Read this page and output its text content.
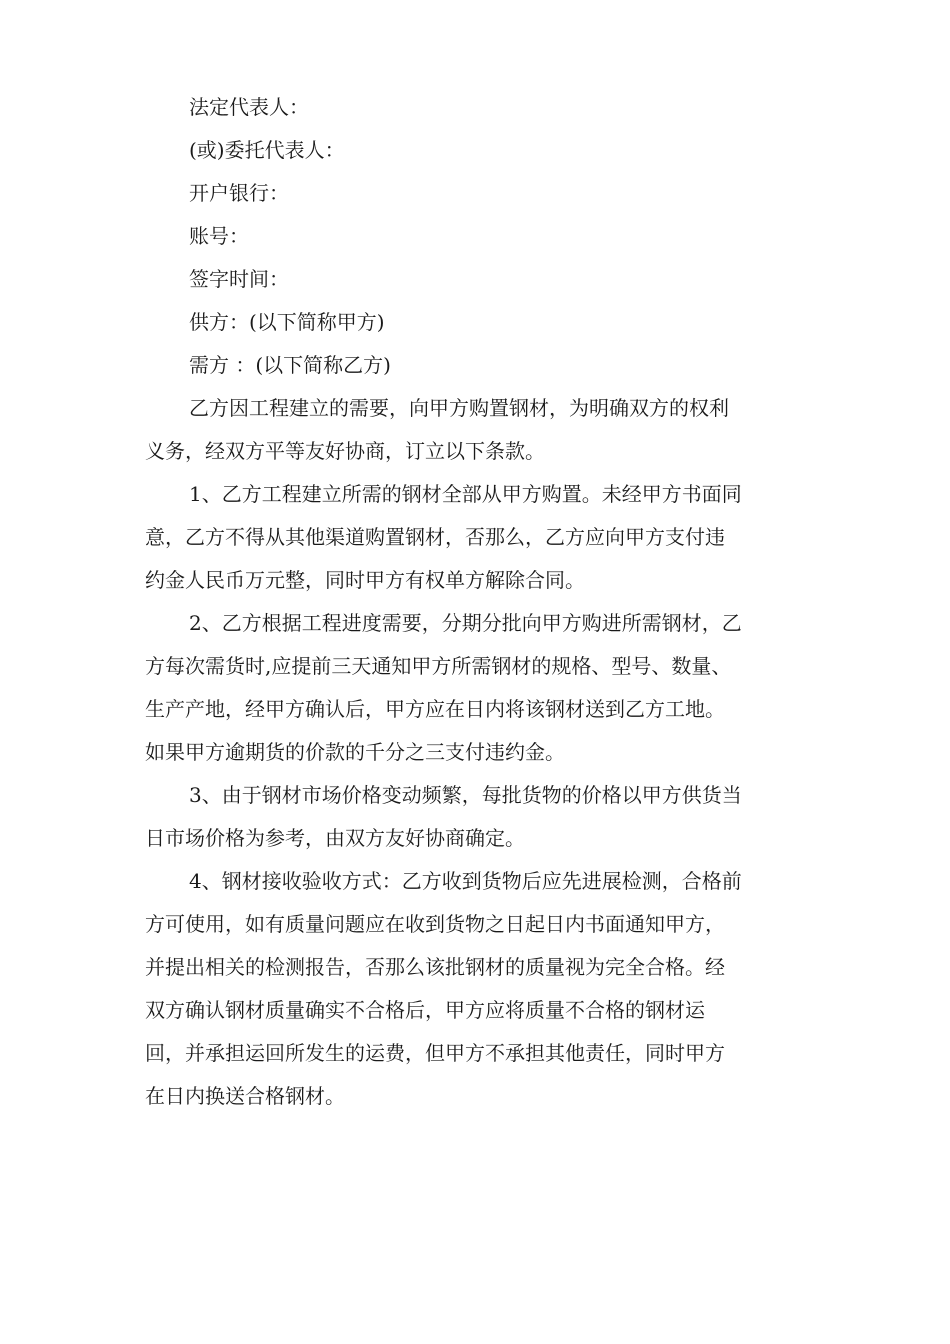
法定代表人：
(或)委托代表人：
开户银行：
账号：
签字时间：
供方：(以下简称甲方)
需方 ：(以下简称乙方)

乙方因工程建立的需要，向甲方购置钢材，为明确双方的权利
义务，经双方平等友好协商，订立以下条款。

1、乙方工程建立所需的钢材全部从甲方购置。未经甲方书面同
意，乙方不得从其他渠道购置钢材，否那么，乙方应向甲方支付违
约金人民币万元整，同时甲方有权单方解除合同。

2、乙方根据工程进度需要，分期分批向甲方购进所需钢材，乙
方每次需货时,应提前三天通知甲方所需钢材的规格、型号、数量、
生产产地，经甲方确认后，甲方应在日内将该钢材送到乙方工地。
如果甲方逾期货的价款的千分之三支付违约金。

3、由于钢材市场价格变动频繁，每批货物的价格以甲方供货当
日市场价格为参考，由双方友好协商确定。

4、钢材接收验收方式：乙方收到货物后应先进展检测，合格前
方可使用，如有质量问题应在收到货物之日起日内书面通知甲方，
并提出相关的检测报告，否那么该批钢材的质量视为完全合格。经
双方确认钢材质量确实不合格后，甲方应将质量不合格的钢材运
回，并承担运回所发生的运费，但甲方不承担其他责任，同时甲方
在日内换送合格钢材。
